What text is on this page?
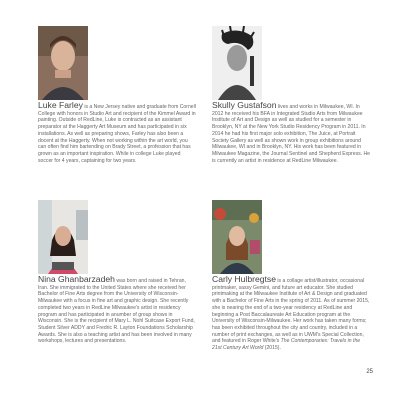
Luke Farley is a New Jersey native and graduate from Cornell College with honors in Studio Art and recipient of the Kimmel Award in painting. Outside of RedLine, Luke is contracted as an assistant preparator at the Haggerty Art Museum and has participated in six installations. As well as preparing shows, Farley has also been a docent at the Haggerty. When not working within the art world, you can often find him bartending on Brady Street, a profession that has grown as an important inspiration. While in college Luke played soccer for 4 years, captaining for two years.

Skully Gustafson lives and works in Milwaukee, WI. In 2012 he received his BFA in Integrated Studio Arts from Milwaukee Institute of Art and Design as well as studied for a semester in Brooklyn, NY at the New York Studio Residency Program in 2011. In 2014 he had his first major solo exhibition, The Juice, at Portrait Society Gallery as well as shown work in group exhibitions around Milwaukee, WI and in Brooklyn, NY. His work has been featured in Milwaukee Magazine, the Journal Sentinel and Shepherd Express. He is currently an artist in residence at RedLine Milwaukee.

Nina Ghanbarzadeh was born and raised in Tehran, Iran. She immigrated to the United States where she received her Bachelor of Fine Arts degree from the University of Wisconsin-Milwaukee with a focus in fine art and graphic design. She recently completed two years in RedLine Milwaukee's artist in residency program and has participated in anumber of group shows in Wisconsin. She is the recipient of Mary L. Nohl Suitcase Export Fund, Student Silver ADDY and Fredric R. Layton Foundations Scholarship Awards. She is also a teaching artist and has been involved in many workshops, lectures and presentations.

Carly Hulbregtse is a collage artist/illustrator, occasional printmaker, sassy Gemini, and future art educator. She studied printmaking at the Milwaukee Institute of Art & Design and graduated with a Bachelor of Fine Arts in the spring of 2011. As of summer 2015, she is nearing the end of a two-year residency at RedLine and beginning a Post Baccalaureate Art Education program at the University of Wisconsin-Milwaukee. Her work has taken many forms; has been exhibited throughout the city and country, included in a number of print exchanges, as well as in UWM's Special Collection, and featured in Roger White's The Contemporaries: Travels in the 21st Century Art World (2015).

25
